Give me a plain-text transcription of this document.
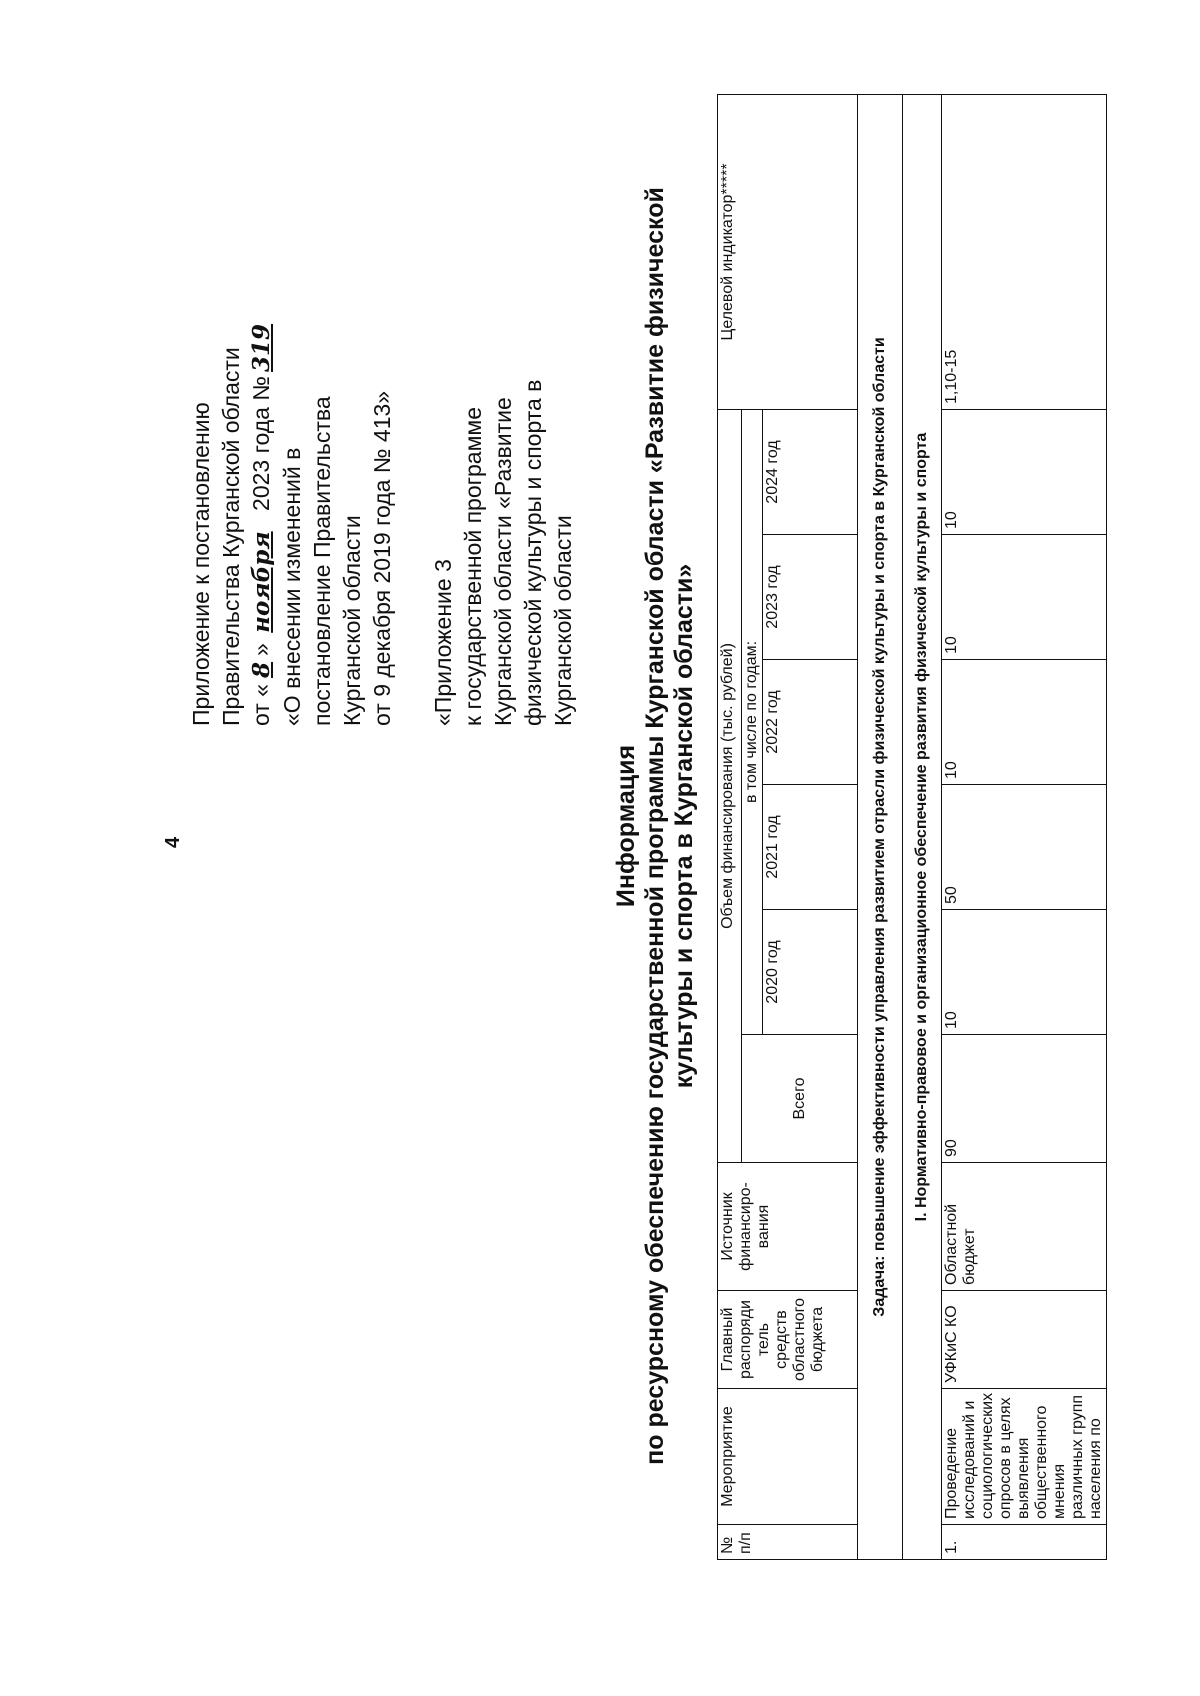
4
Приложение к постановлению Правительства Курганской области от «8» ноября 2023 года №319
«О внесении изменений в постановление Правительства Курганской области от 9 декабря 2019 года № 413» «Приложение 3 к государственной программе Курганской области «Развитие физической культуры и спорта в Курганской области
Информация по ресурсному обеспечению государственной программы Курганской области «Развитие физической культуры и спорта в Курганской области»
№ п/п	Мероприятие	Главный распоряди тель средств областного бюджета	Источник финансиро- вания	Объем финансирования (тыс. рублей)						Целевой индикатор*****
				Всего	в том числе по годам:					
					2020 год	2021 год	2022 год	2023 год	2024 год	
Задача: повышение эффективности управления развитием отрасли физической культуры и спорта в Курганской области										
I. Нормативно-правовое и организационное обеспечение развития физической культуры и спорта										
1.	Проведение исследований и социологических опросов в целях выявления общественного мнения различных групп населения по	УФКиС КО	Областной бюджет	90	10	50	10	10	10	1,10-15
